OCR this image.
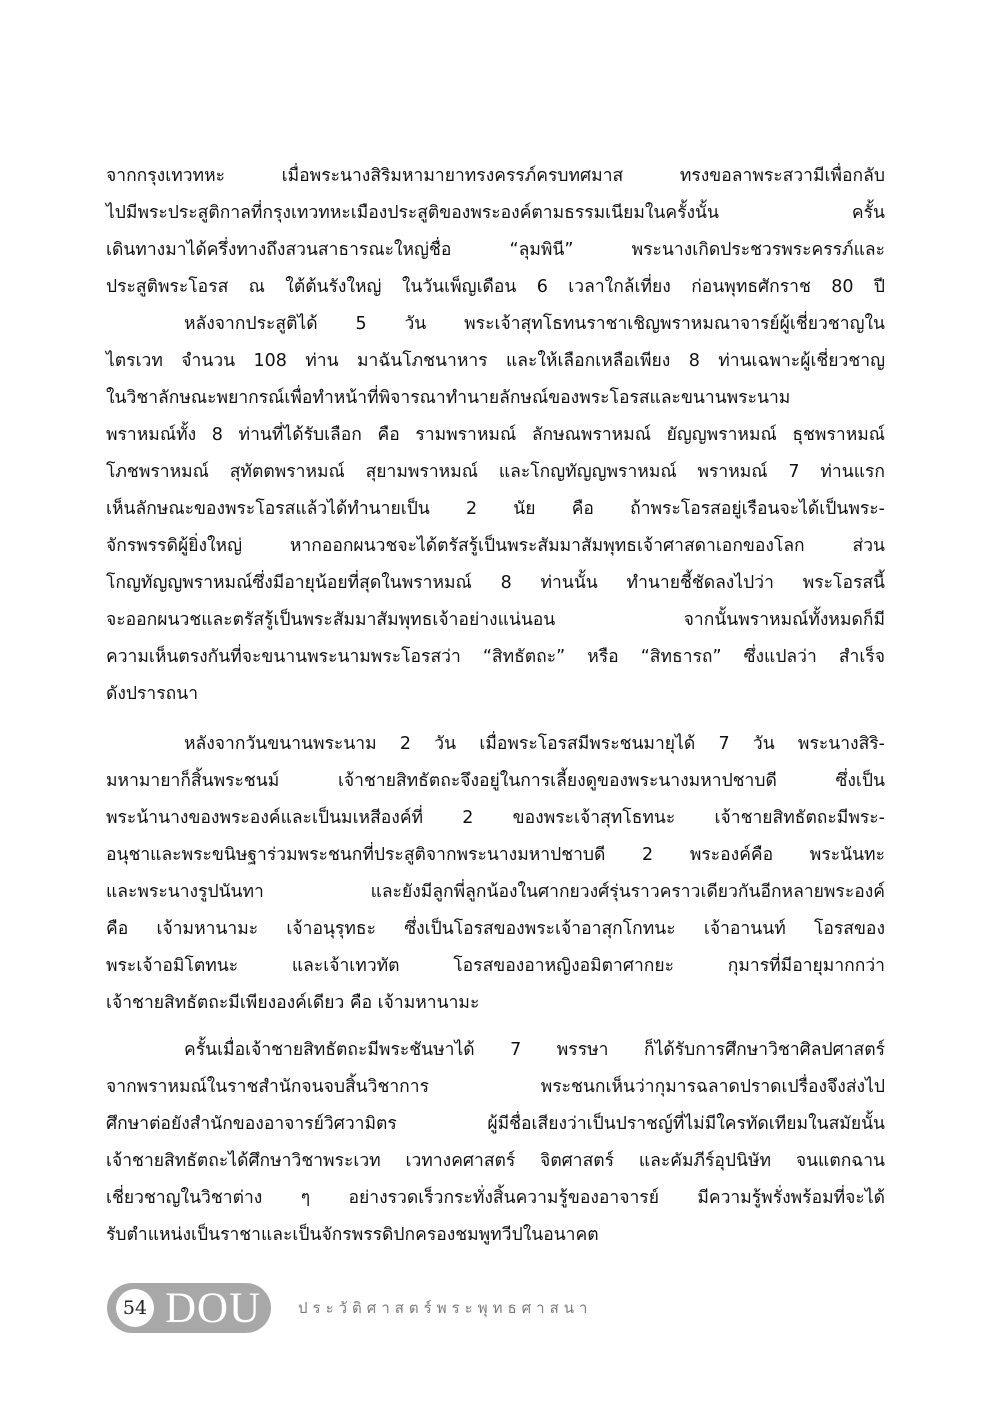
จากกรุงเทวทหะ เมื่อพระนางสิริมหามายาทรงครรภ์ครบทศมาส ทรงขอลาพระสวามีเพื่อกลับ
ไปมีพระประสูติกาลที่กรุงเทวทหะเมืองประสูติของพระองค์ตามธรรมเนียมในครั้งนั้น ครั้น
เดินทางมาได้ครึ่งทางถึงสวนสาธารณะใหญ่ชื่อ “ลุมพินี” พระนางเกิดประชวรพระครรภ์และ
ประสูติพระโอรส ณ ใต้ต้นรังใหญ่ ในวันเพ็ญเดือน 6 เวลาใกล้เที่ยง ก่อนพุทธศักราช 80 ปี
หลังจากประสูติได้ 5 วัน พระเจ้าสุทโธทนราชาเชิญพราหมณาจารย์ผู้เชี่ยวชาญใน
ไตรเวท จำนวน 108 ท่าน มาฉันโภชนาหาร และให้เลือกเหลือเพียง 8 ท่านเฉพาะผู้เชี่ยวชาญ
ในวิชาลักษณะพยากรณ์เพื่อทำหน้าที่พิจารณาทำนายลักษณ์ของพระโอรสและขนานพระนาม
พราหมณ์ทั้ง 8 ท่านที่ได้รับเลือก คือ รามพราหมณ์ ลักษณพราหมณ์ ยัญญพราหมณ์ ธุชพราหมณ์
โภชพราหมณ์ สุทัตตพราหมณ์ สุยามพราหมณ์ และโกญทัญญพราหมณ์ พราหมณ์ 7 ท่านแรก
เห็นลักษณะของพระโอรสแล้วได้ทำนายเป็น 2 นัย คือ ถ้าพระโอรสอยู่เรือนจะได้เป็นพระ-
จักรพรรดิผู้ยิ่งใหญ่ หากออกผนวชจะได้ตรัสรู้เป็นพระสัมมาสัมพุทธเจ้าศาสดาเอกของโลก ส่วน
โกญทัญญพราหมณ์ซึ่งมีอายุน้อยที่สุดในพราหมณ์ 8 ท่านนั้น ทำนายชี้ชัดลงไปว่า พระโอรสนี้
จะออกผนวชและตรัสรู้เป็นพระสัมมาสัมพุทธเจ้าอย่างแน่นอน จากนั้นพราหมณ์ทั้งหมดก็มี
ความเห็นตรงกันที่จะขนานพระนามพระโอรสว่า “สิทธัตถะ” หรือ “สิทธารถ” ซึ่งแปลว่า สำเร็จ
ดังปรารถนา
หลังจากวันขนานพระนาม 2 วัน เมื่อพระโอรสมีพระชนมายุได้ 7 วัน พระนางสิริ-
มหามายาก็สิ้นพระชนม์ เจ้าชายสิทธัตถะจึงอยู่ในการเลี้ยงดูของพระนางมหาปชาบดี ซึ่งเป็น
พระน้านางของพระองค์และเป็นมเหสีองค์ที่ 2 ของพระเจ้าสุทโธทนะ เจ้าชายสิทธัตถะมีพระ-
อนุชาและพระขนิษฐาร่วมพระชนกที่ประสูติจากพระนางมหาปชาบดี 2 พระองค์คือ พระนันทะ
และพระนางรูปนันทา และยังมีลูกพี่ลูกน้องในศากยวงศ์รุ่นราวคราวเดียวกันอีกหลายพระองค์
คือ เจ้ามหานามะ เจ้าอนุรุทธะ ซึ่งเป็นโอรสของพระเจ้าอาสุกโกทนะ เจ้าอานนท์ โอรสของ
พระเจ้าอมิโตทนะ และเจ้าเทวทัต โอรสของอาหญิงอมิตาศากยะ กุมารที่มีอายุมากกว่า
เจ้าชายสิทธัตถะมีเพียงองค์เดียว คือ เจ้ามหานามะ
ครั้นเมื่อเจ้าชายสิทธัตถะมีพระชันษาได้ 7 พรรษา ก็ได้รับการศึกษาวิชาศิลปศาสตร์
จากพราหมณ์ในราชสำนักจนจบสิ้นวิชาการ พระชนกเห็นว่ากุมารฉลาดปราดเปรื่องจึงส่งไป
ศึกษาต่อยังสำนักของอาจารย์วิศวามิตร ผู้มีชื่อเสียงว่าเป็นปราชญ์ที่ไม่มีใครทัดเทียมในสมัยนั้น
เจ้าชายสิทธัตถะได้ศึกษาวิชาพระเวท เวทางคศาสตร์ จิตศาสตร์ และคัมภีร์อุปนิษัท จนแตกฉาน
เชี่ยวชาญในวิชาต่าง ๆ อย่างรวดเร็วกระทั่งสิ้นความรู้ของอาจารย์ มีความรู้พรั่งพร้อมที่จะได้
รับตำแหน่งเป็นราชาและเป็นจักรพรรดิปกครองชมพูทวีปในอนาคต
54 DOU ประวัติศาสตร์พระพุทธศาสนา
